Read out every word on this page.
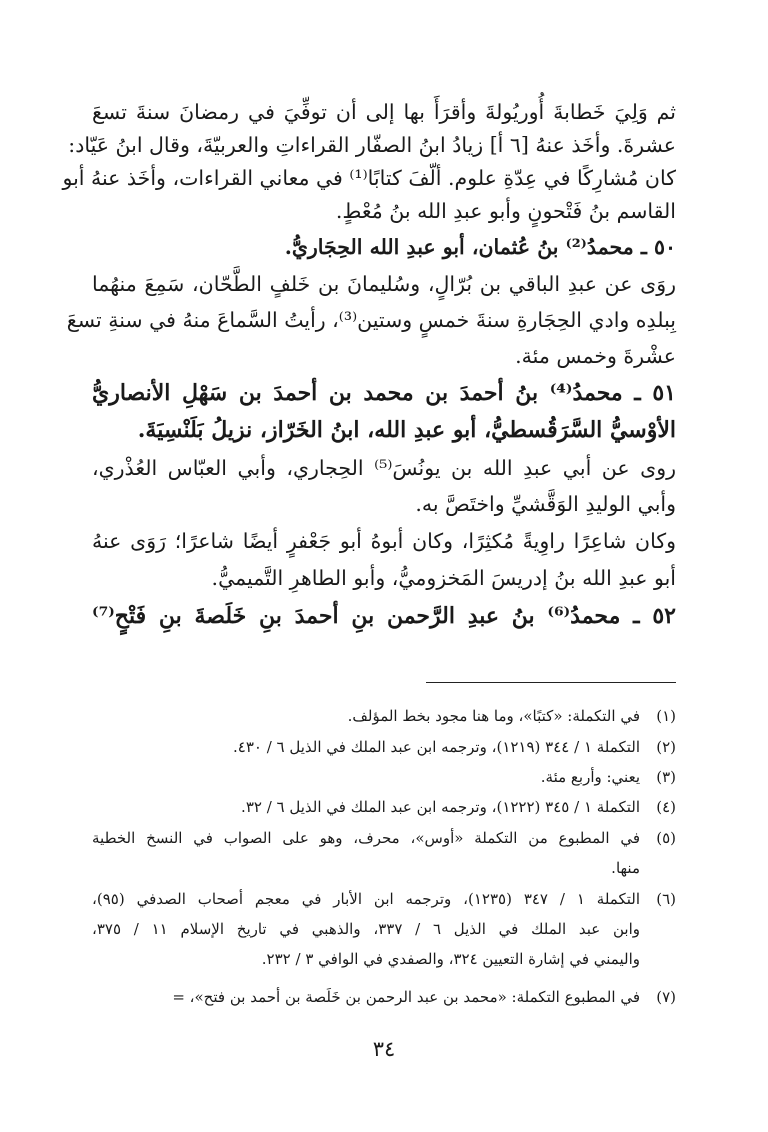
ثم وَلِيَ خَطابةَ أُوريُولةَ وأقرَأَ بها إلى أن توفِّيَ في رمضانَ سنةَ تسعَ
عشرةَ. وأخَذ عنهُ [٦ أ] زيادُ ابنُ الصفّار القراءاتِ والعربيّةَ، وقال ابنُ عَيّاد:
كان مُشارِكًا في عِدّةِ علوم. ألّفَ كتابًا⁽¹⁾ في معاني القراءات، وأخَذ عنهُ أبو
القاسم بنُ فَتْحونٍ وأبو عبدِ الله بنُ مُعْطٍ.
٥٠ ـ محمدُ⁽²⁾ بنُ عُثمان، أبو عبدِ الله الحِجَاريُّ.
روَى عن عبدِ الباقي بن بُرّالٍ، وسُليمانَ بن خَلفٍ الطَّحّان، سَمِعَ منهُما
بِبلدِه وادي الحِجَارةِ سنةَ خمسٍ وستين⁽³⁾، رأيتُ السَّماعَ منهُ في سنةِ تسعَ
عشْرةَ وخمس مئة.
٥١ ـ محمدُ⁽⁴⁾ بنُ أحمدَ بن محمد بن أحمدَ بن سَهْلِ الأنصاريُّ
الأوْسيُّ السَّرَقُسطيُّ، أبو عبدِ الله، ابنُ الخَرّاز، نزيلُ بَلَنْسِيَةَ.
روى عن أبي عبدِ الله بن يونُسَ⁽⁵⁾ الحِجاري، وأبي العبّاس العُذْري،
وأبي الوليدِ الوَقَّشيِّ واختَصَّ به.
وكان شاعِرًا راوِيةً مُكثِرًا، وكان أبوهُ أبو جَعْفرٍ أيضًا شاعرًا؛ رَوَى عنهُ
أبو عبدِ الله بنُ إدريسَ المَخزوميُّ، وأبو الطاهرِ التَّميميُّ.
٥٢ ـ محمدُ⁽⁶⁾ بنُ عبدِ الرَّحمن بنِ أحمدَ بنِ خَلَصةَ بنِ فَتْحٍ⁽⁷⁾
(١)
في التكملة: «كتبًا»، وما هنا مجود بخط المؤلف.
(٢)
التكملة ١ / ٣٤٤ (١٢١٩)، وترجمه ابن عبد الملك في الذيل ٦ / ٤٣٠.
(٣)
يعني: وأربع مئة.
(٤)
التكملة ١ / ٣٤٥ (١٢٢٢)، وترجمه ابن عبد الملك في الذيل ٦ / ٣٢.
(٥)
في المطبوع من التكملة «أوس»، محرف، وهو على الصواب في النسخ الخطية
منها.
(٦)
التكملة ١ / ٣٤٧ (١٢٣٥)، وترجمه ابن الأبار في معجم أصحاب الصدفي (٩٥)،
وابن عبد الملك في الذيل ٦ / ٣٣٧، والذهبي في تاريخ الإسلام ١١ / ٣٧٥،
واليمني في إشارة التعيين ٣٢٤، والصفدي في الوافي ٣ / ٢٣٢.
(٧)
في المطبوع التكملة: «محمد بن عبد الرحمن بن خَلَصة بن أحمد بن فتح»، =
٣٤
